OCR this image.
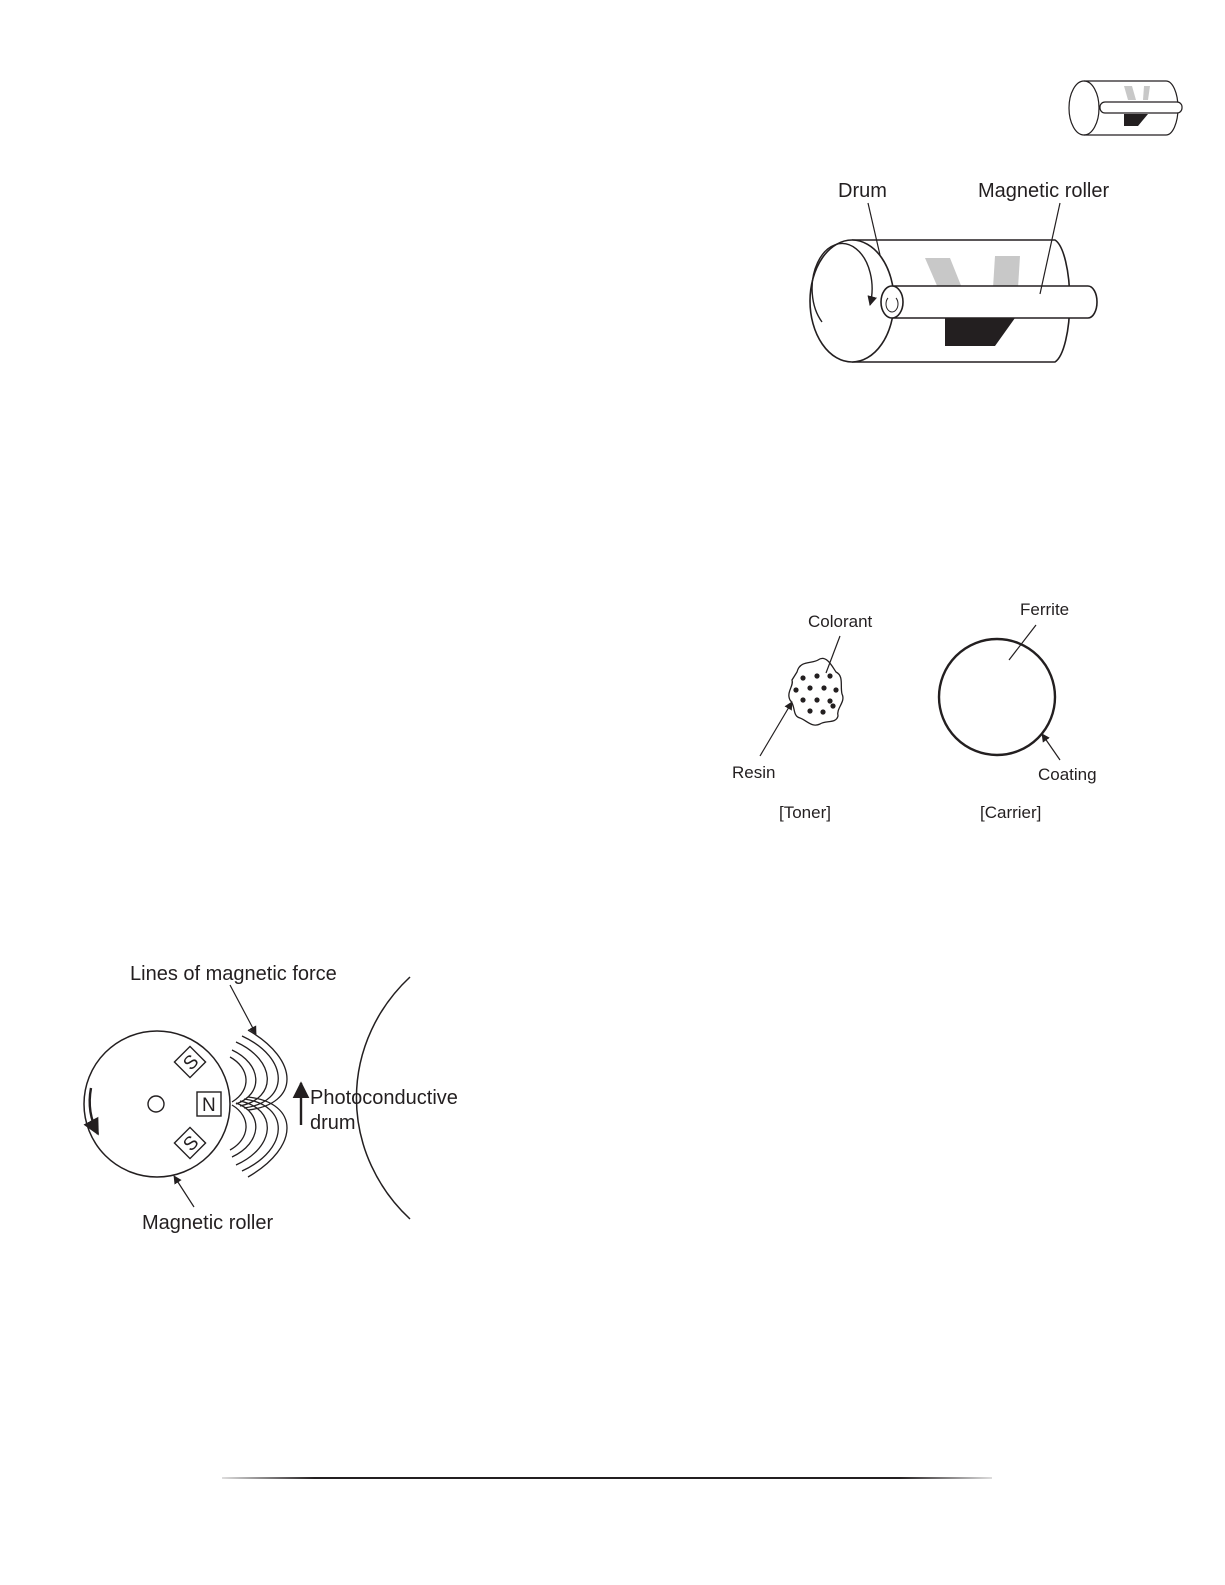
Drum	Magnetic roller
Colorant
Resin
[Toner]
Ferrite
Coating
[Carrier]
S
N
S
Lines of magnetic force
Photoconductive
drum
Magnetic roller
